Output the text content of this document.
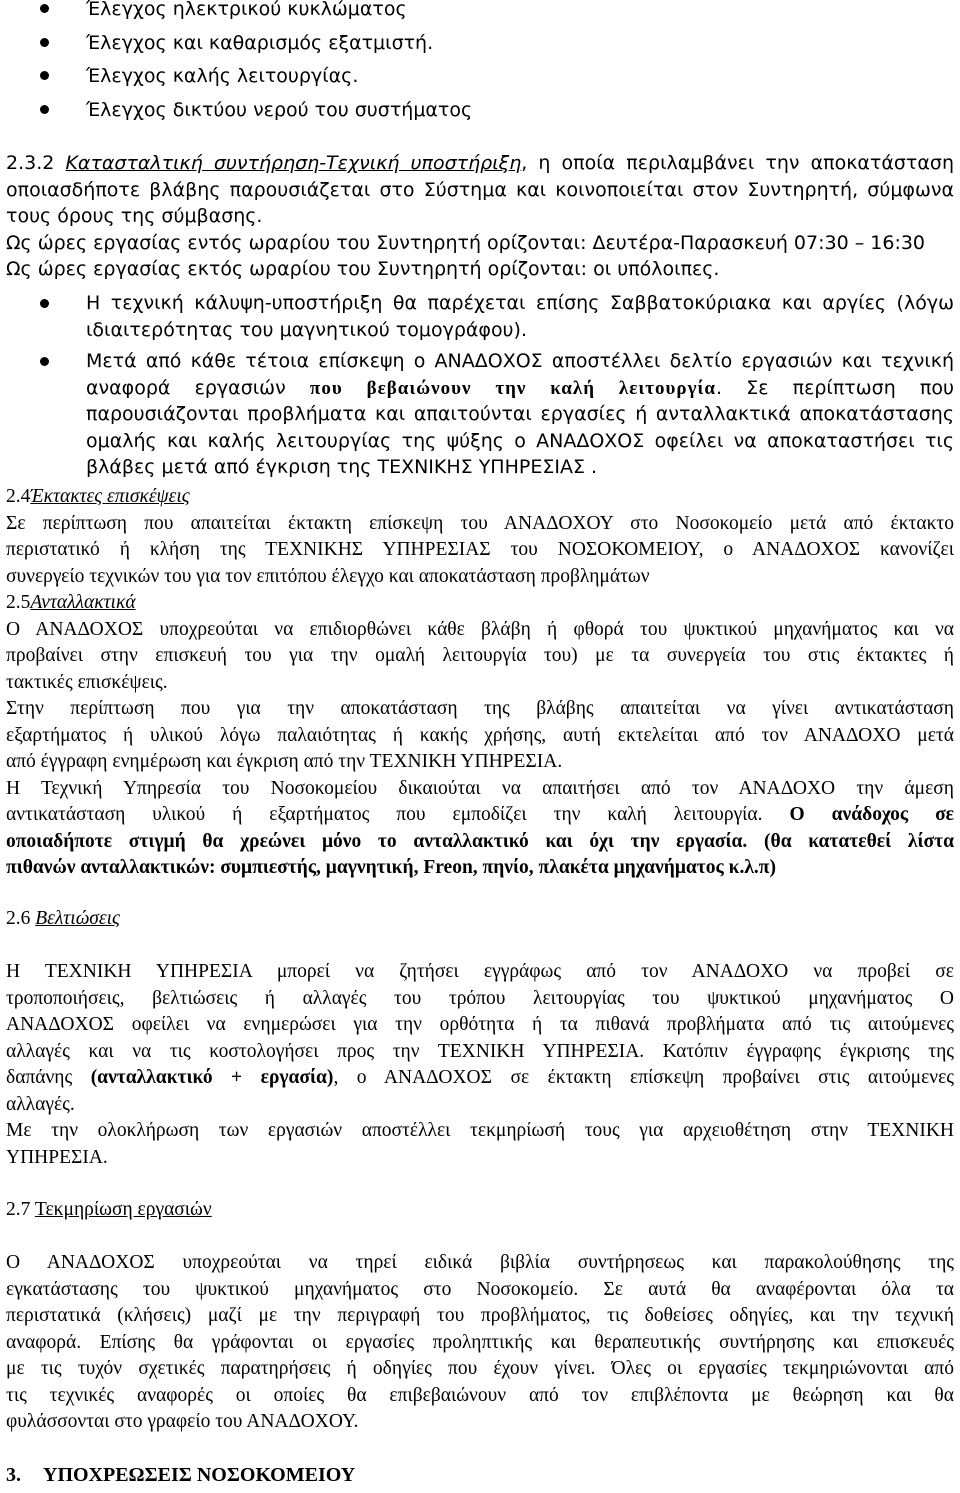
Έλεγχος ηλεκτρικού κυκλώματος
Έλεγχος και καθαρισμός εξατμιστή.
Έλεγχος καλής λειτουργίας.
Έλεγχος δικτύου νερού του συστήματος
2.3.2 Κατασταλτική συντήρηση-Τεχνική υποστήριξη, η οποία περιλαμβάνει την αποκατάσταση
οποιασδήποτε βλάβης παρουσιάζεται στο Σύστημα και κοινοποιείται στον Συντηρητή, σύμφωνα
τους όρους της σύμβασης.
Ως ώρες εργασίας εντός ωραρίου του Συντηρητή ορίζονται: Δευτέρα-Παρασκευή 07:30 – 16:30
Ως ώρες εργασίας εκτός ωραρίου του Συντηρητή ορίζονται: οι υπόλοιπες.
Η τεχνική κάλυψη-υποστήριξη θα παρέχεται επίσης Σαββατοκύριακα και αργίες (λόγω
ιδιαιτερότητας του μαγνητικού τομογράφου).
Μετά από κάθε τέτοια επίσκεψη ο ΑΝΑΔΟΧΟΣ αποστέλλει δελτίο εργασιών και τεχνική
αναφορά εργασιών που βεβαιώνουν την καλή λειτουργία. Σε περίπτωση που
παρουσιάζονται προβλήματα και απαιτούνται εργασίες ή ανταλλακτικά αποκατάστασης
ομαλής και καλής λειτουργίας της ψύξης ο ΑΝΑΔΟΧΟΣ οφείλει να αποκαταστήσει τις
βλάβες μετά από έγκριση της ΤΕΧΝΙΚΗΣ ΥΠΗΡΕΣΙΑΣ .
2.4Έκτακτες επισκέψεις
Σε περίπτωση που απαιτείται έκτακτη επίσκεψη του ΑΝΑΔΟΧΟΥ στο Νοσοκομείο μετά από έκτακτο
περιστατικό ή κλήση της ΤΕΧΝΙΚΗΣ ΥΠΗΡΕΣΙΑΣ του ΝΟΣΟΚΟΜΕΙΟΥ, ο ΑΝΑΔΟΧΟΣ κανονίζει
συνεργείο τεχνικών του για τον επιτόπου έλεγχο και αποκατάσταση προβλημάτων
2.5Ανταλλακτικά
Ο ΑΝΑΔΟΧΟΣ υποχρεούται να επιδιορθώνει κάθε βλάβη ή φθορά του ψυκτικού μηχανήματος και να
προβαίνει στην επισκευή του για την ομαλή λειτουργία του) με τα συνεργεία του στις έκτακτες ή
τακτικές επισκέψεις.
Στην περίπτωση που για την αποκατάσταση της βλάβης απαιτείται να γίνει αντικατάσταση
εξαρτήματος ή υλικού λόγω παλαιότητας ή κακής χρήσης, αυτή εκτελείται από τον ΑΝΑΔΟΧΟ μετά
από έγγραφη ενημέρωση και έγκριση από την ΤΕΧΝΙΚΗ ΥΠΗΡΕΣΙΑ.
Η Τεχνική Υπηρεσία του Νοσοκομείου δικαιούται να απαιτήσει από τον ΑΝΑΔΟΧΟ την άμεση
αντικατάσταση υλικού ή εξαρτήματος που εμποδίζει την καλή λειτουργία. Ο ανάδοχος σε
οποιαδήποτε στιγμή θα χρεώνει μόνο το ανταλλακτικό και όχι την εργασία. (θα κατατεθεί λίστα
πιθανών ανταλλακτικών: συμπιεστής, μαγνητική, Freon, πηνίο, πλακέτα μηχανήματος κ.λ.π)
2.6 Βελτιώσεις
Η ΤΕΧΝΙΚΗ ΥΠΗΡΕΣΙΑ μπορεί να ζητήσει εγγράφως από τον ΑΝΑΔΟΧΟ να προβεί σε
τροποποιήσεις, βελτιώσεις ή αλλαγές του τρόπου λειτουργίας του ψυκτικού μηχανήματος Ο
ΑΝΑΔΟΧΟΣ οφείλει να ενημερώσει για την ορθότητα ή τα πιθανά προβλήματα από τις αιτούμενες
αλλαγές και να τις κοστολογήσει προς την ΤΕΧΝΙΚΗ ΥΠΗΡΕΣΙΑ. Κατόπιν έγγραφης έγκρισης της
δαπάνης (ανταλλακτικό + εργασία), ο ΑΝΑΔΟΧΟΣ σε έκτακτη επίσκεψη προβαίνει στις αιτούμενες
αλλαγές.
Με την ολοκλήρωση των εργασιών αποστέλλει τεκμηρίωσή τους για αρχειοθέτηση στην ΤΕΧΝΙΚΗ
ΥΠΗΡΕΣΙΑ.
2.7 Τεκμηρίωση εργασιών
Ο ΑΝΑΔΟΧΟΣ υποχρεούται να τηρεί ειδικά βιβλία συντήρησεως και παρακολούθησης της
εγκατάστασης του ψυκτικού μηχανήματος στο Νοσοκομείο. Σε αυτά θα αναφέρονται όλα τα
περιστατικά (κλήσεις) μαζί με την περιγραφή του προβλήματος, τις δοθείσες οδηγίες, και την τεχνική
αναφορά. Επίσης θα γράφονται οι εργασίες προληπτικής και θεραπευτικής συντήρησης και επισκευές
με τις τυχόν σχετικές παρατηρήσεις ή οδηγίες που έχουν γίνει. Όλες οι εργασίες τεκμηριώνονται από
τις τεχνικές αναφορές οι οποίες θα επιβεβαιώνουν από τον επιβλέποντα με θεώρηση και θα
φυλάσσονται στο γραφείο του ΑΝΑΔΟΧΟΥ.
3. ΥΠΟΧΡΕΩΣΕΙΣ ΝΟΣΟΚΟΜΕΙΟΥ
